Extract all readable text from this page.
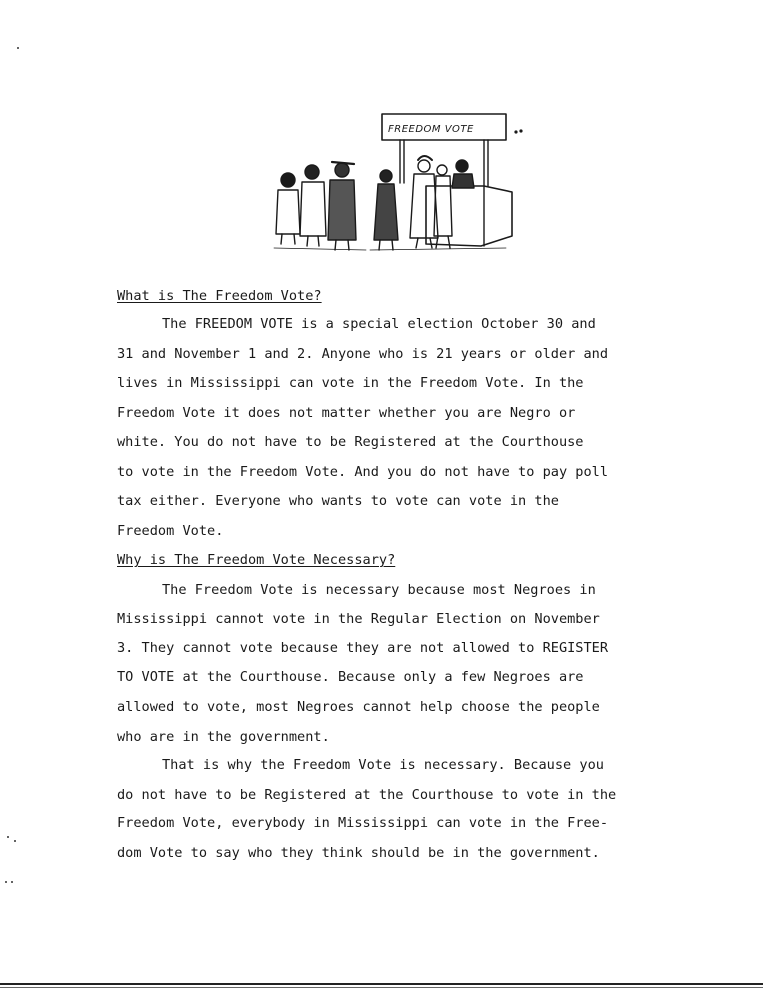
FREEDOM VOTE
What is The Freedom Vote?

The FREEDOM VOTE is a special election October 30 and

31 and November 1 and 2. Anyone who is 21 years or older and

lives in Mississippi can vote in the Freedom Vote. In the

Freedom Vote it does not matter whether you are Negro or

white. You do not have to be Registered at the Courthouse

to vote in the Freedom Vote. And you do not have to pay poll

tax either. Everyone who wants to vote can vote in the

Freedom Vote.

Why is The Freedom Vote Necessary?

The Freedom Vote is necessary because most Negroes in

Mississippi cannot vote in the Regular Election on November

3. They cannot vote because they are not allowed to REGISTER

TO VOTE at the Courthouse. Because only a few Negroes are

allowed to vote, most Negroes cannot help choose the people

who are in the government.

That is why the Freedom Vote is necessary. Because you

do not have to be Registered at the Courthouse to vote in the

Freedom Vote, everybody in Mississippi can vote in the Free-

dom Vote to say who they think should be in the government.
